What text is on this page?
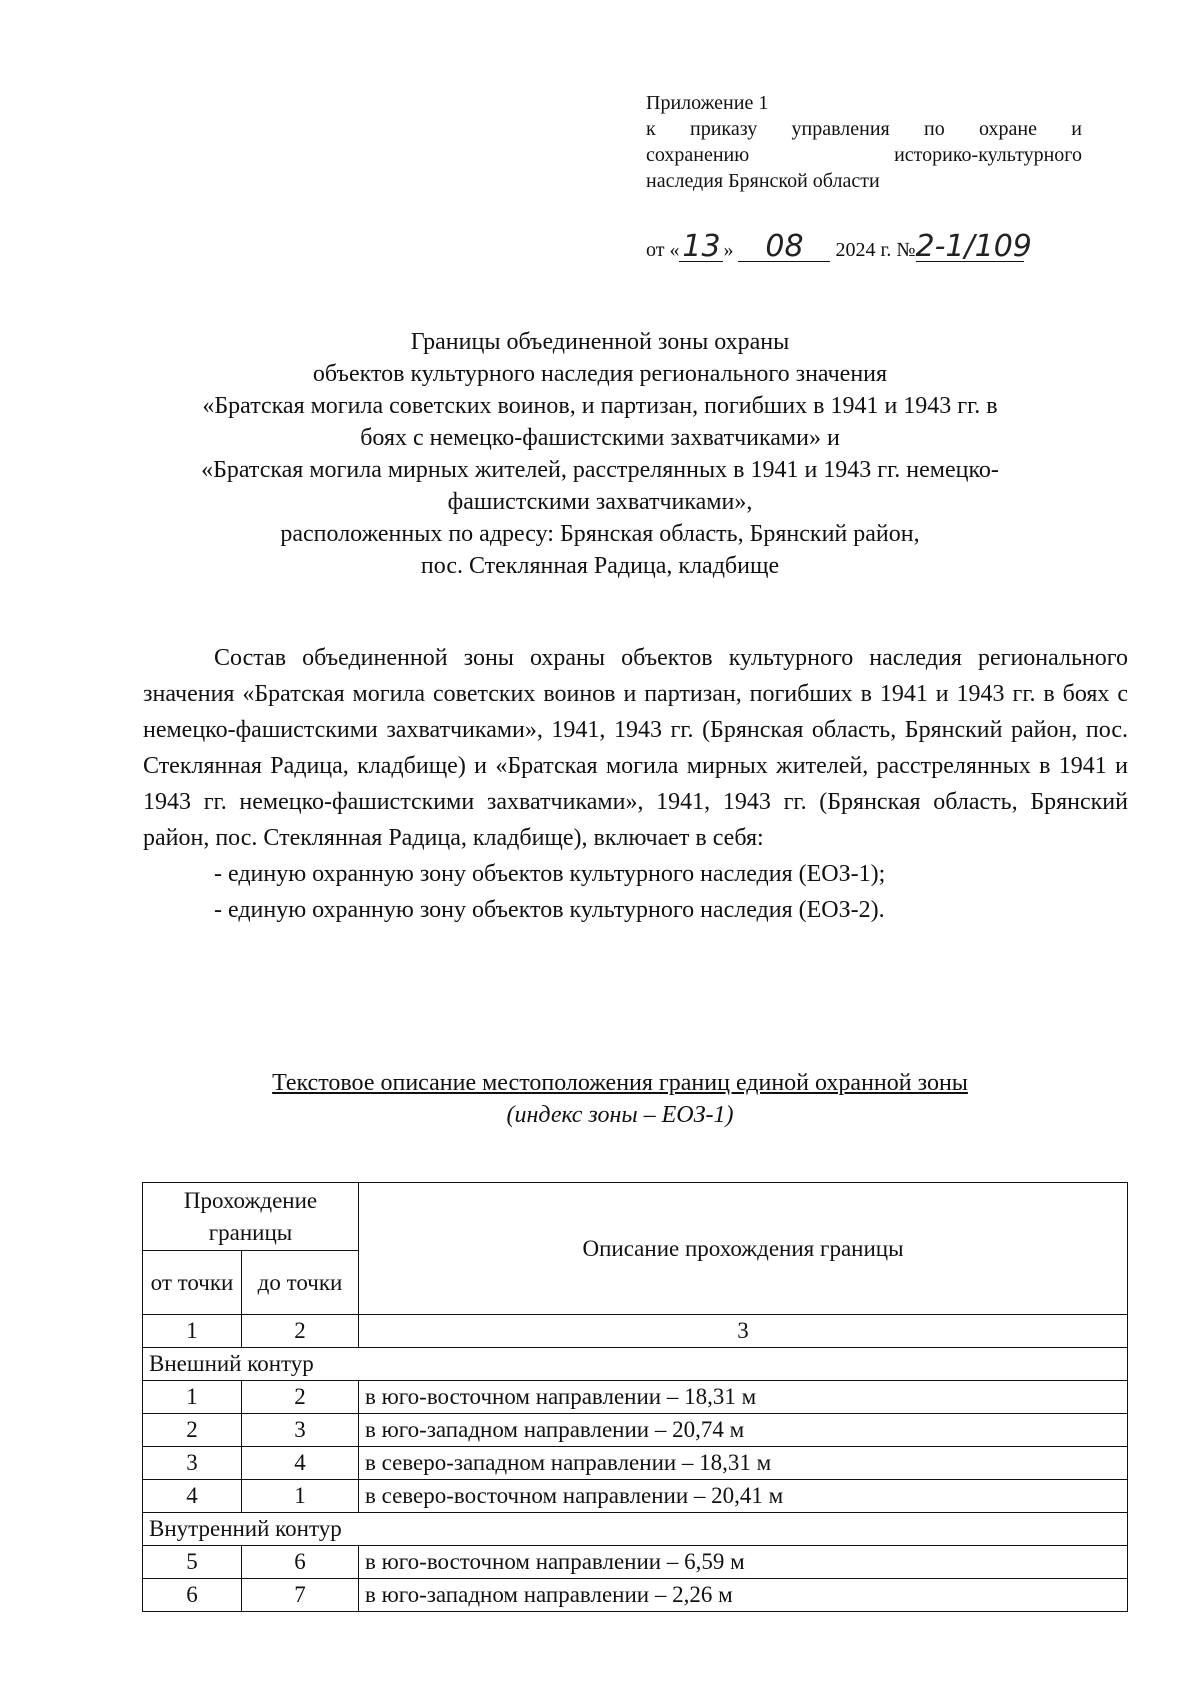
Приложение 1
к приказу управления по охране и
сохранению историко-культурного
наследия Брянской области
от «13 » 08 2024 г. №2-1/109
Границы объединенной зоны охраны
объектов культурного наследия регионального значения
«Братская могила советских воинов, и партизан, погибших в 1941 и 1943 гг. в
боях с немецко-фашистскими захватчиками» и
«Братская могила мирных жителей, расстрелянных в 1941 и 1943 гг. немецко-
фашистскими захватчиками»,
расположенных по адресу: Брянская область, Брянский район,
пос. Стеклянная Радица, кладбище

Состав объединенной зоны охраны объектов культурного наследия регионального значения «Братская могила советских воинов и партизан, погибших в 1941 и 1943 гг. в боях с немецко-фашистскими захватчиками», 1941, 1943 гг. (Брянская область, Брянский район, пос. Стеклянная Радица, кладбище) и «Братская могила мирных жителей, расстрелянных в 1941 и 1943 гг. немецко-фашистскими захватчиками», 1941, 1943 гг. (Брянская область, Брянский район, пос. Стеклянная Радица, кладбище), включает в себя:

- единую охранную зону объектов культурного наследия (ЕОЗ-1);

- единую охранную зону объектов культурного наследия (ЕОЗ-2).

Текстовое описание местоположения границ единой охранной зоны
(индекс зоны – ЕОЗ-1)
Прохождение границы		Описание прохождения границы
от точки	до точки	
1	2	3
Внешний контур		
1	2	в юго-восточном направлении – 18,31 м
2	3	в юго-западном направлении – 20,74 м
3	4	в северо-западном направлении – 18,31 м
4	1	в северо-восточном направлении – 20,41 м
Внутренний контур		
5	6	в юго-восточном направлении – 6,59 м
6	7	в юго-западном направлении – 2,26 м
